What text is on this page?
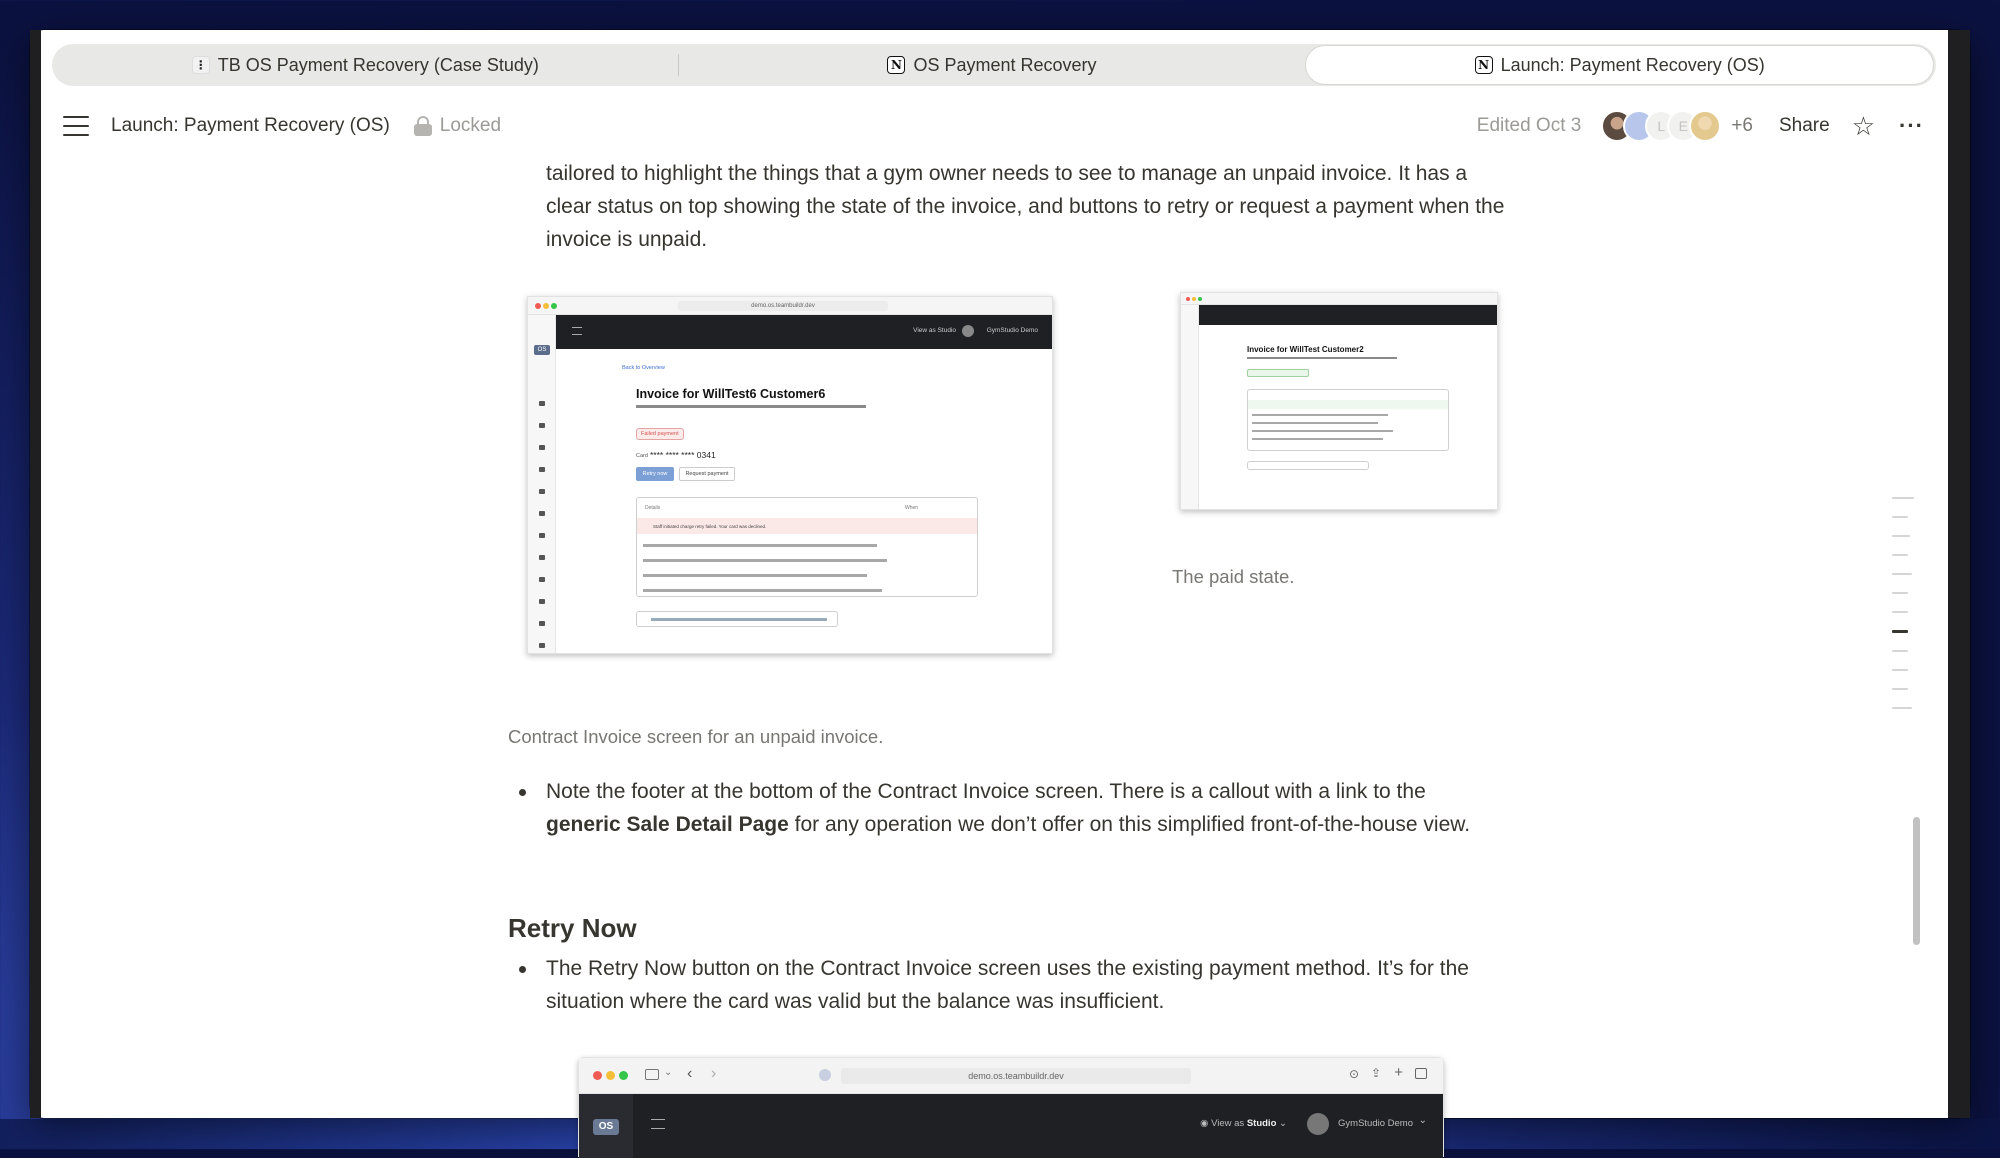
⋮ TB OS Payment Recovery (Case Study)	N OS Payment Recovery	N Launch: Payment Recovery (OS)
Launch: Payment Recovery (OS)	Locked	Edited Oct 3	L E	+6 Share ☆ ···
tailored to highlight the things that a gym owner needs to see to manage an unpaid invoice. It has a clear status on top showing the state of the invoice, and buttons to retry or request a payment when the invoice is unpaid.
demo.os.teambuildr.dev
View as Studio	GymStudio Demo
OS
Back to Overview
Invoice for WillTest6 Customer6
Failed payment
Card **** **** **** 0341
Retry now	Request payment
Details	When
Staff initiated charge retry failed. Your card was declined.
Invoice for WillTest Customer2
The paid state.
Contract Invoice screen for an unpaid invoice.
Note the footer at the bottom of the Contract Invoice screen. There is a callout with a link to the generic Sale Detail Page for any operation we don’t offer on this simplified front-of-the-house view.
Retry Now
The Retry Now button on the Contract Invoice screen uses the existing payment method. It’s for the situation where the card was valid but the balance was insufficient.
⌄ ‹ ›	demo.os.teambuildr.dev	⊙ ⇪ +
OS	◉ View as Studio ⌄	GymStudio Demo ⌄
